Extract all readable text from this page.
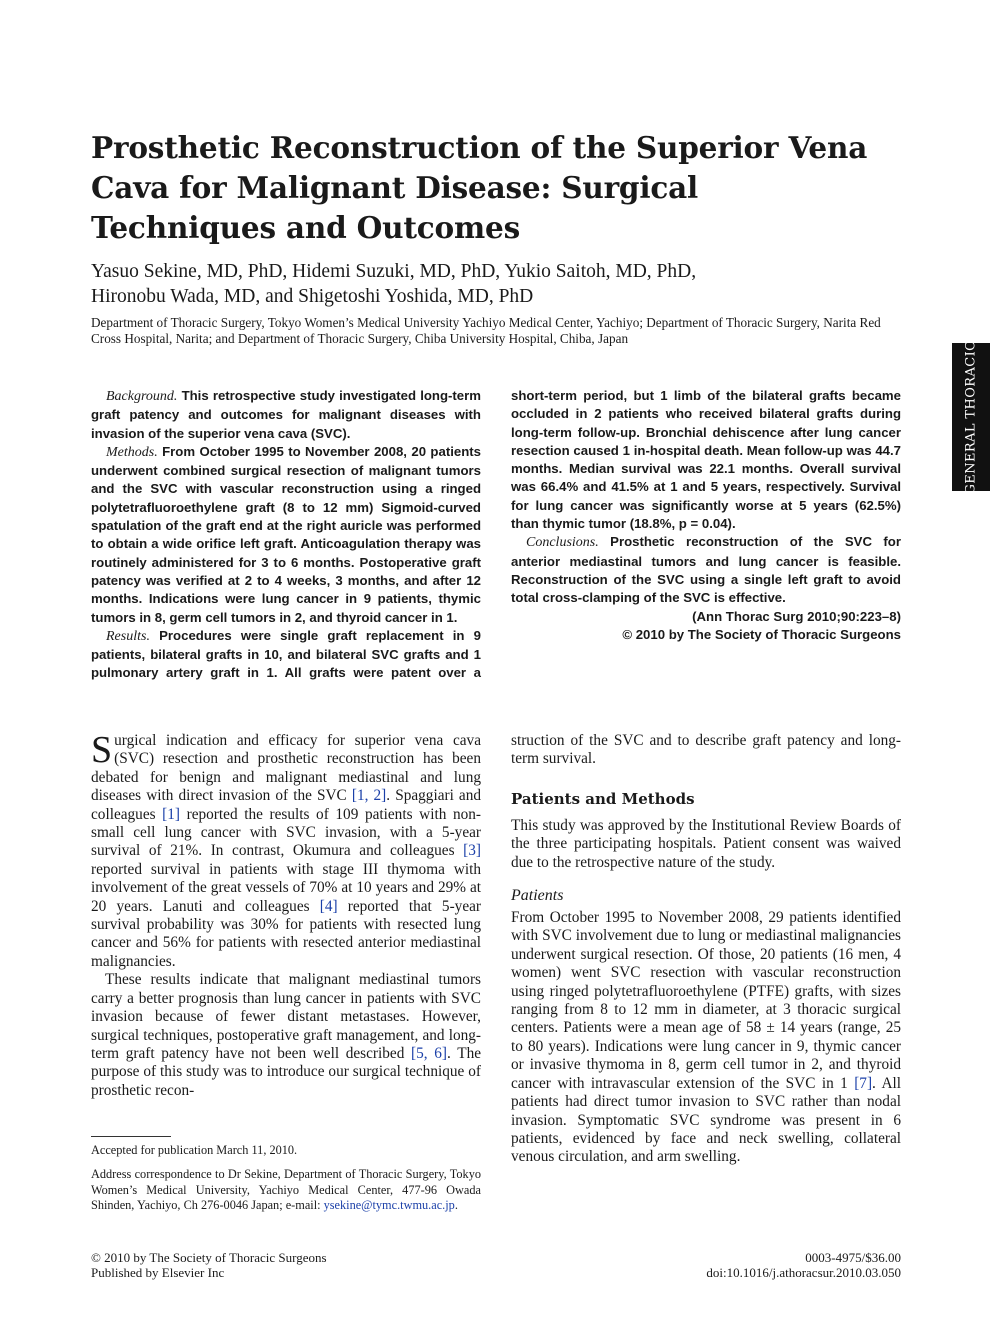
Prosthetic Reconstruction of the Superior Vena Cava for Malignant Disease: Surgical Techniques and Outcomes
Yasuo Sekine, MD, PhD, Hidemi Suzuki, MD, PhD, Yukio Saitoh, MD, PhD,
Hironobu Wada, MD, and Shigetoshi Yoshida, MD, PhD

Department of Thoracic Surgery, Tokyo Women’s Medical University Yachiyo Medical Center, Yachiyo; Department of Thoracic Surgery, Narita Red Cross Hospital, Narita; and Department of Thoracic Surgery, Chiba University Hospital, Chiba, Japan

GENERAL THORACIC

Background. This retrospective study investigated long-term graft patency and outcomes for malignant diseases with invasion of the superior vena cava (SVC).

Methods. From October 1995 to November 2008, 20 patients underwent combined surgical resection of malignant tumors and the SVC with vascular reconstruction using a ringed polytetrafluoroethylene graft (8 to 12 mm) Sigmoid-curved spatulation of the graft end at the right auricle was performed to obtain a wide orifice left graft. Anticoagulation therapy was routinely administered for 3 to 6 months. Postoperative graft patency was verified at 2 to 4 weeks, 3 months, and after 12 months. Indications were lung cancer in 9 patients, thymic tumors in 8, germ cell tumors in 2, and thyroid cancer in 1.

Results. Procedures were single graft replacement in 9 patients, bilateral grafts in 10, and bilateral SVC grafts and 1 pulmonary artery graft in 1. All grafts were patent over a short-term period, but 1 limb of the bilateral grafts became occluded in 2 patients who received bilateral grafts during long-term follow-up. Bronchial dehiscence after lung cancer resection caused 1 in-hospital death. Mean follow-up was 44.7 months. Median survival was 22.1 months. Overall survival was 66.4% and 41.5% at 1 and 5 years, respectively. Survival for lung cancer was significantly worse at 5 years (62.5%) than thymic tumor (18.8%, p = 0.04).

Conclusions. Prosthetic reconstruction of the SVC for anterior mediastinal tumors and lung cancer is feasible. Reconstruction of the SVC using a single left graft to avoid total cross-clamping of the SVC is effective.

(Ann Thorac Surg 2010;90:223–8)

© 2010 by The Society of Thoracic Surgeons

Surgical indication and efficacy for superior vena cava (SVC) resection and prosthetic reconstruction has been debated for benign and malignant mediastinal and lung diseases with direct invasion of the SVC [1, 2]. Spaggiari and colleagues [1] reported the results of 109 patients with non-small cell lung cancer with SVC invasion, with a 5-year survival of 21%. In contrast, Okumura and colleagues [3] reported survival in patients with stage III thymoma with involvement of the great vessels of 70% at 10 years and 29% at 20 years. Lanuti and colleagues [4] reported that 5-year survival probability was 30% for patients with resected lung cancer and 56% for patients with resected anterior mediastinal malignancies.

These results indicate that malignant mediastinal tumors carry a better prognosis than lung cancer in patients with SVC invasion because of fewer distant metastases. However, surgical techniques, postoperative graft management, and long-term graft patency have not been well described [5, 6]. The purpose of this study was to introduce our surgical technique of prosthetic recon-

struction of the SVC and to describe graft patency and long-term survival.

Patients and Methods

This study was approved by the Institutional Review Boards of the three participating hospitals. Patient consent was waived due to the retrospective nature of the study.

Patients

From October 1995 to November 2008, 29 patients identified with SVC involvement due to lung or mediastinal malignancies underwent surgical resection. Of those, 20 patients (16 men, 4 women) went SVC resection with vascular reconstruction using ringed polytetrafluoroethylene (PTFE) grafts, with sizes ranging from 8 to 12 mm in diameter, at 3 thoracic surgical centers. Patients were a mean age of 58 ± 14 years (range, 25 to 80 years). Indications were lung cancer in 9, thymic cancer or invasive thymoma in 8, germ cell tumor in 2, and thyroid cancer with intravascular extension of the SVC in 1 [7]. All patients had direct tumor invasion to SVC rather than nodal invasion. Symptomatic SVC syndrome was present in 6 patients, evidenced by face and neck swelling, collateral venous circulation, and arm swelling.

Accepted for publication March 11, 2010.

Address correspondence to Dr Sekine, Department of Thoracic Surgery, Tokyo Women’s Medical University, Yachiyo Medical Center, 477-96 Owada Shinden, Yachiyo, Ch 276-0046 Japan; e-mail: ysekine@tymc.twmu.ac.jp.

© 2010 by The Society of Thoracic Surgeons
Published by Elsevier Inc
0003-4975/$36.00
doi:10.1016/j.athoracsur.2010.03.050
